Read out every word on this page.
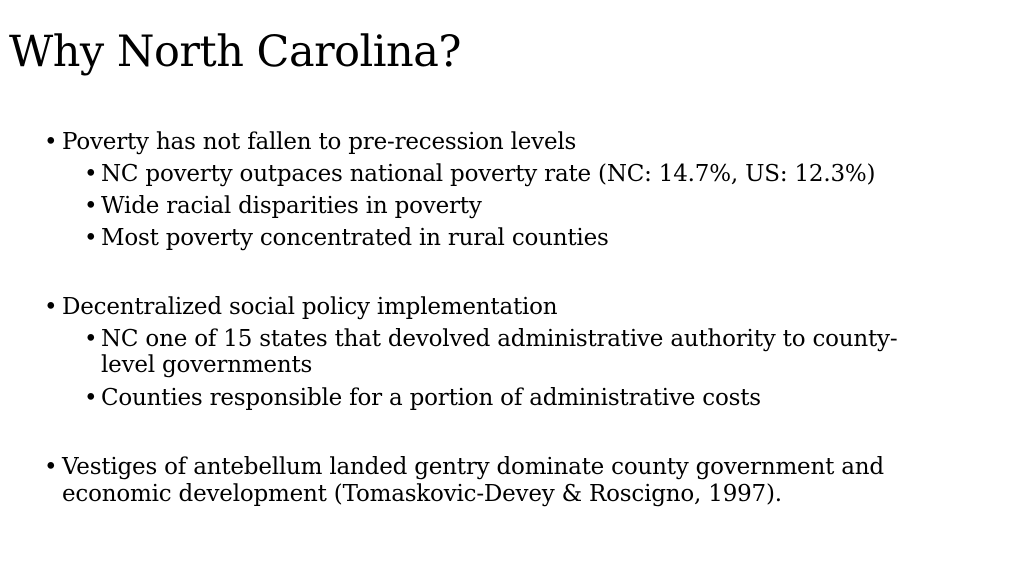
Why North Carolina?
• Poverty has not fallen to pre-recession levels
• NC poverty outpaces national poverty rate (NC: 14.7%, US: 12.3%)
• Wide racial disparities in poverty
• Most poverty concentrated in rural counties
• Decentralized social policy implementation
• NC one of 15 states that devolved administrative authority to county-
level governments
• Counties responsible for a portion of administrative costs
• Vestiges of antebellum landed gentry dominate county government and
economic development (Tomaskovic-Devey & Roscigno, 1997).
